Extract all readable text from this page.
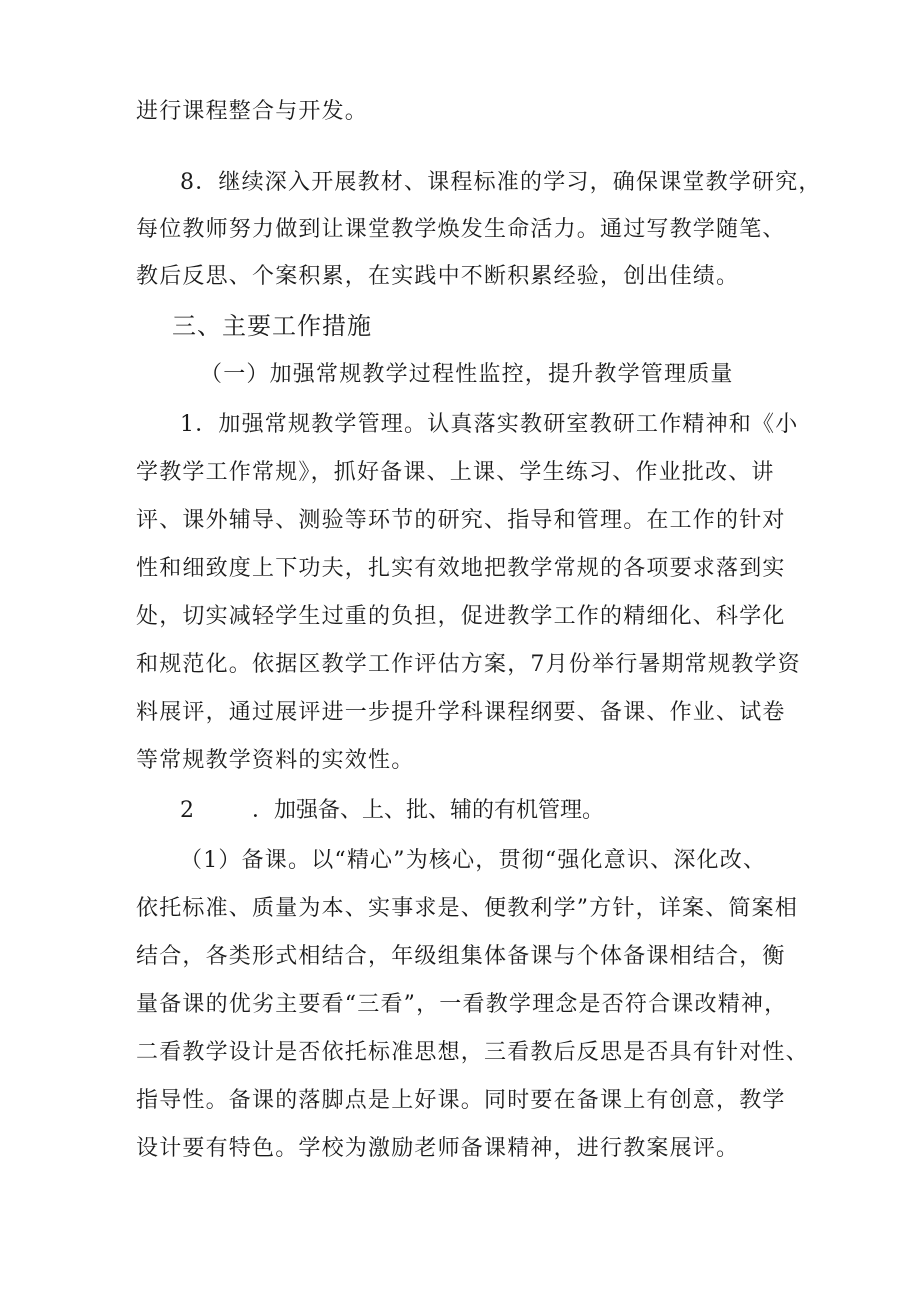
进行课程整合与开发。
8．继续深入开展教材、课程标准的学习，确保课堂教学研究，
每位教师努力做到让课堂教学焕发生命活力。通过写教学随笔、
教后反思、个案积累，在实践中不断积累经验，创出佳绩。
三、主要工作措施
（一）加强常规教学过程性监控，提升教学管理质量
1．加强常规教学管理。认真落实教研室教研工作精神和《小
学教学工作常规》，抓好备课、上课、学生练习、作业批改、讲
评、课外辅导、测验等环节的研究、指导和管理。在工作的针对
性和细致度上下功夫，扎实有效地把教学常规的各项要求落到实
处，切实减轻学生过重的负担，促进教学工作的精细化、科学化
和规范化。依据区教学工作评估方案，7月份举行暑期常规教学资
料展评，通过展评进一步提升学科课程纲要、备课、作业、试卷
等常规教学资料的实效性。
2	．加强备、上、批、辅的有机管理。
（1）备课。以“精心”为核心，贯彻“强化意识、深化改、
依托标准、质量为本、实事求是、便教利学”方针，详案、简案相
结合，各类形式相结合，年级组集体备课与个体备课相结合，衡
量备课的优劣主要看“三看”，一看教学理念是否符合课改精神，
二看教学设计是否依托标准思想，三看教后反思是否具有针对性、
指导性。备课的落脚点是上好课。同时要在备课上有创意，教学
设计要有特色。学校为激励老师备课精神，进行教案展评。
